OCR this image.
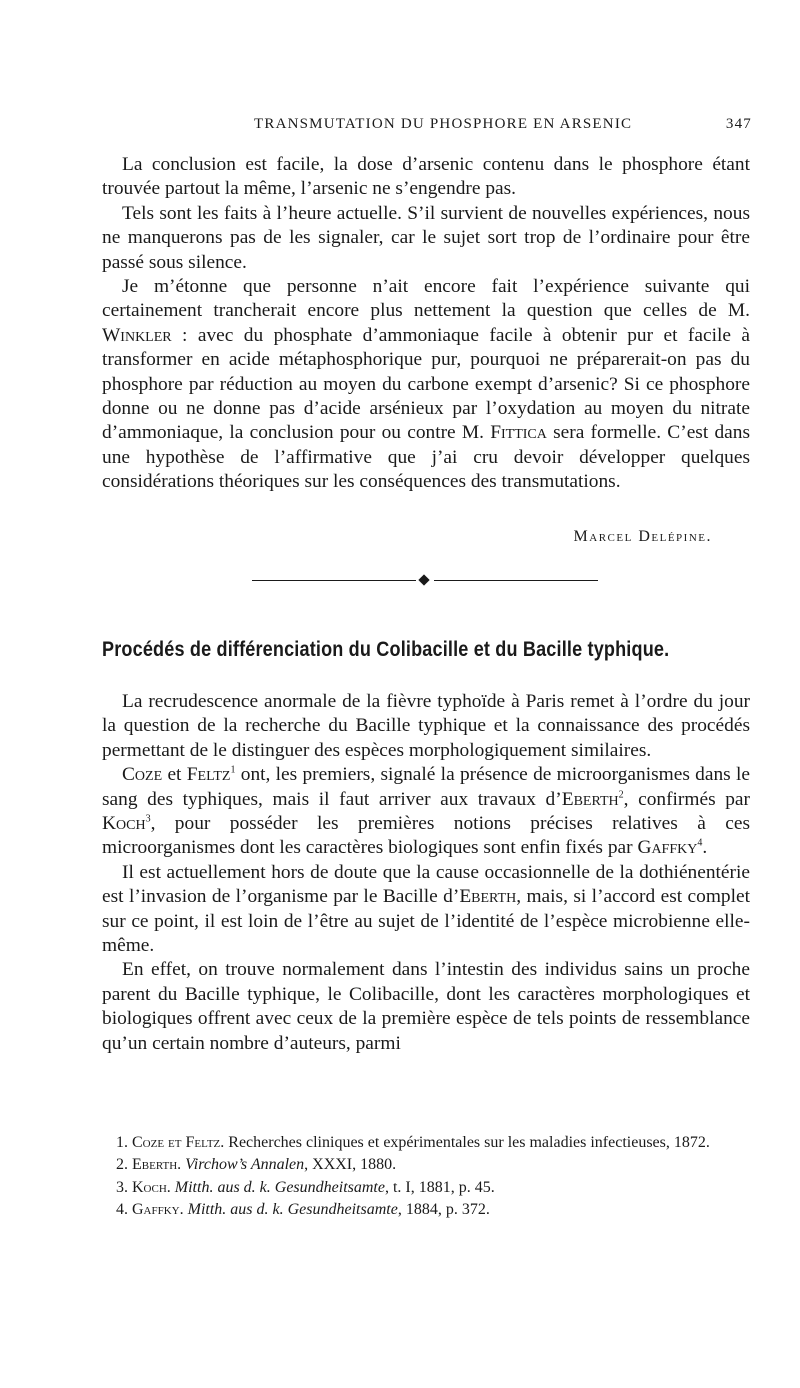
TRANSMUTATION DU PHOSPHORE EN ARSENIC	347

La conclusion est facile, la dose d’arsenic contenu dans le phosphore étant trouvée partout la même, l’arsenic ne s’engendre pas.

Tels sont les faits à l’heure actuelle. S’il survient de nouvelles expériences, nous ne manquerons pas de les signaler, car le sujet sort trop de l’ordinaire pour être passé sous silence.

Je m’étonne que personne n’ait encore fait l’expérience suivante qui certainement trancherait encore plus nettement la question que celles de M. Winkler : avec du phosphate d’ammoniaque facile à obtenir pur et facile à transformer en acide métaphosphorique pur, pourquoi ne préparerait-on pas du phosphore par réduction au moyen du carbone exempt d’arsenic? Si ce phosphore donne ou ne donne pas d’acide arsénieux par l’oxydation au moyen du nitrate d’ammoniaque, la conclusion pour ou contre M. Fittica sera formelle. C’est dans une hypothèse de l’affirmative que j’ai cru devoir développer quelques considérations théoriques sur les conséquences des transmutations.

Marcel Delépine.
Procédés de différenciation du Colibacille et du Bacille typhique.

La recrudescence anormale de la fièvre typhoïde à Paris remet à l’ordre du jour la question de la recherche du Bacille typhique et la connaissance des procédés permettant de le distinguer des espèces morphologiquement similaires.

Coze et Feltz$^1$ ont, les premiers, signalé la présence de microorganismes dans le sang des typhiques, mais il faut arriver aux travaux d’Eberth$^2$, confirmés par Koch$^3$, pour posséder les premières notions précises relatives à ces microorganismes dont les caractères biologiques sont enfin fixés par Gaffky$^4$.

Il est actuellement hors de doute que la cause occasionnelle de la dothiénentérie est l’invasion de l’organisme par le Bacille d’Eberth, mais, si l’accord est complet sur ce point, il est loin de l’être au sujet de l’identité de l’espèce microbienne elle-même.

En effet, on trouve normalement dans l’intestin des individus sains un proche parent du Bacille typhique, le Colibacille, dont les caractères morphologiques et biologiques offrent avec ceux de la première espèce de tels points de ressemblance qu’un certain nombre d’auteurs, parmi

1. Coze et Feltz. Recherches cliniques et expérimentales sur les maladies infectieuses, 1872.

2. Eberth. Virchow’s Annalen, XXXI, 1880.

3. Koch. Mitth. aus d. k. Gesundheitsamte, t. I, 1881, p. 45.

4. Gaffky. Mitth. aus d. k. Gesundheitsamte, 1884, p. 372.
